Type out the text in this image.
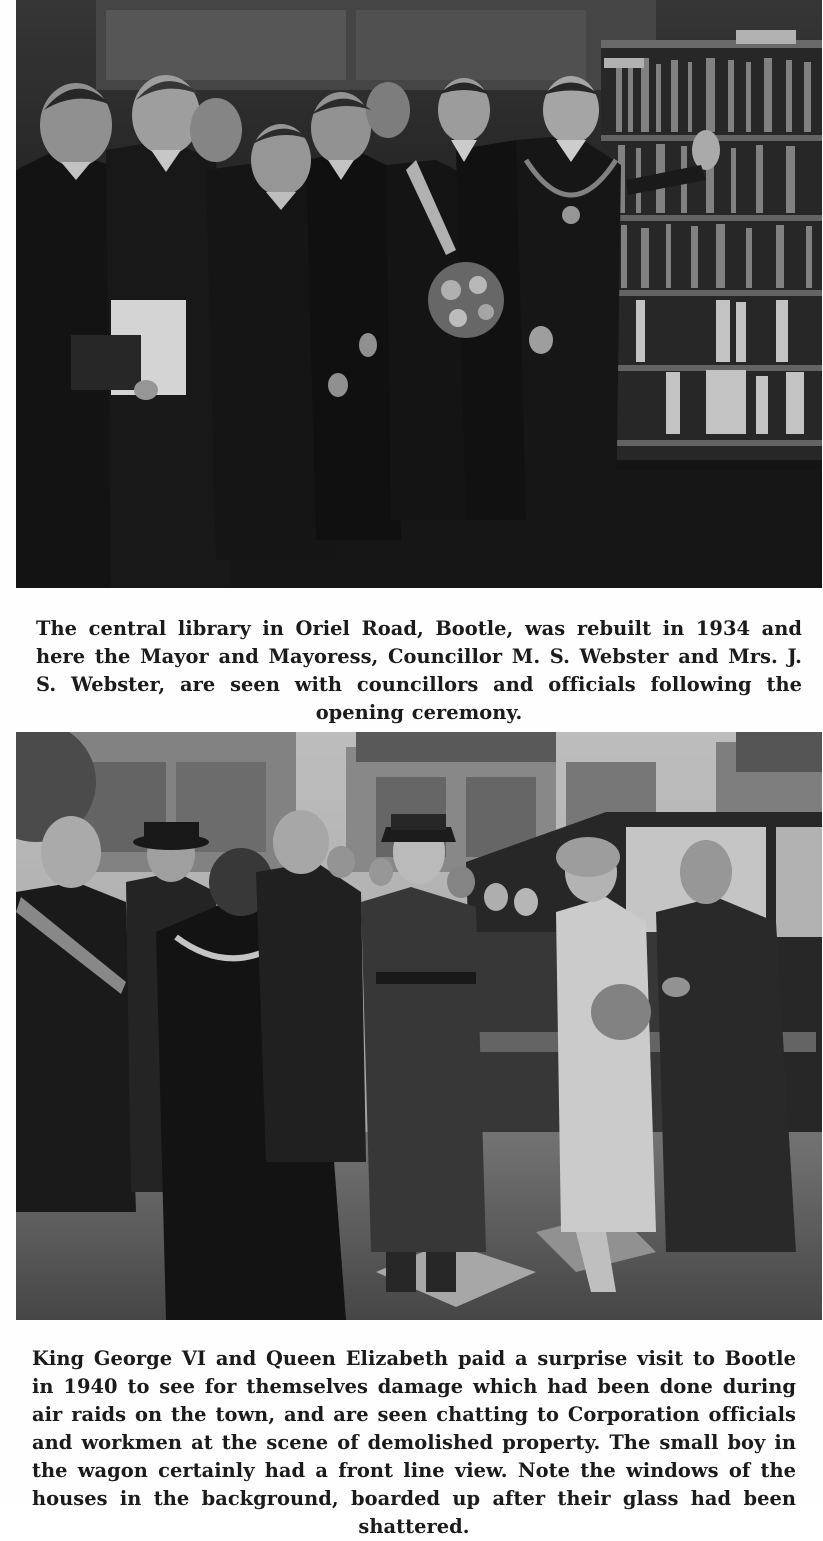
The central library in Oriel Road, Bootle, was rebuilt in 1934 and here the Mayor and Mayoress, Councillor M. S. Webster and Mrs. J. S. Webster, are seen with councillors and officials following the opening ceremony.

King George VI and Queen Elizabeth paid a surprise visit to Bootle in 1940 to see for themselves damage which had been done during air raids on the town, and are seen chatting to Corporation officials and workmen at the scene of demolished property. The small boy in the wagon certainly had a front line view. Note the windows of the houses in the background, boarded up after their glass had been shattered.
